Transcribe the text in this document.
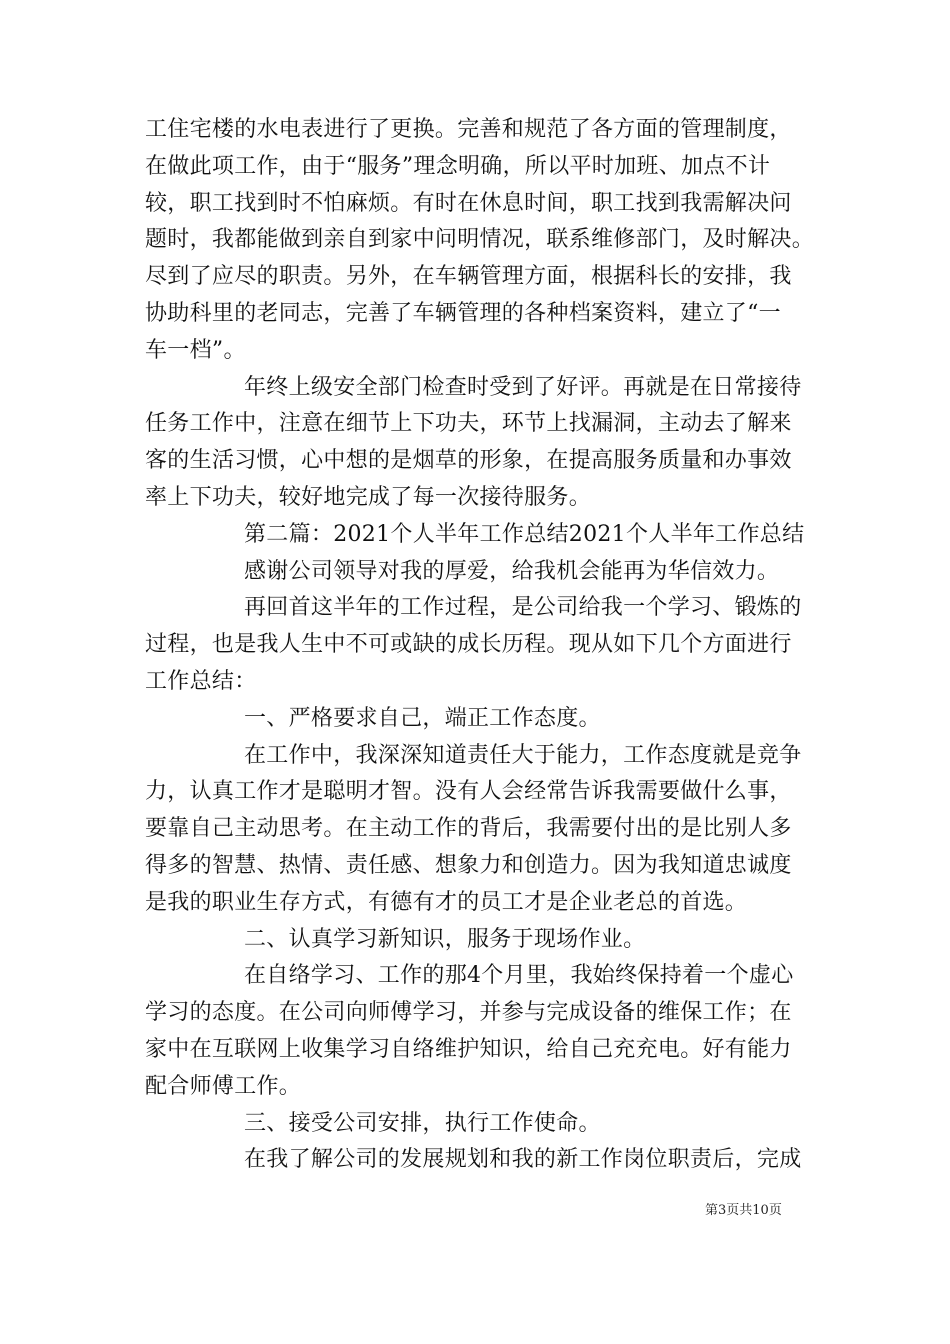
工住宅楼的水电表进行了更换。完善和规范了各方面的管理制度，
在做此项工作，由于“服务”理念明确，所以平时加班、加点不计
较，职工找到时不怕麻烦。有时在休息时间，职工找到我需解决问
题时，我都能做到亲自到家中问明情况，联系维修部门，及时解决。
尽到了应尽的职责。另外，在车辆管理方面，根据科长的安排，我
协助科里的老同志，完善了车辆管理的各种档案资料，建立了“一
车一档”。
年终上级安全部门检查时受到了好评。再就是在日常接待
任务工作中，注意在细节上下功夫，环节上找漏洞，主动去了解来
客的生活习惯，心中想的是烟草的形象，在提高服务质量和办事效
率上下功夫，较好地完成了每一次接待服务。
第二篇：2021个人半年工作总结2021个人半年工作总结
感谢公司领导对我的厚爱，给我机会能再为华信效力。
再回首这半年的工作过程，是公司给我一个学习、锻炼的
过程，也是我人生中不可或缺的成长历程。现从如下几个方面进行
工作总结：
一、严格要求自己，端正工作态度。
在工作中，我深深知道责任大于能力，工作态度就是竞争
力，认真工作才是聪明才智。没有人会经常告诉我需要做什么事，
要靠自己主动思考。在主动工作的背后，我需要付出的是比别人多
得多的智慧、热情、责任感、想象力和创造力。因为我知道忠诚度
是我的职业生存方式，有德有才的员工才是企业老总的首选。
二、认真学习新知识，服务于现场作业。
在自络学习、工作的那4个月里，我始终保持着一个虚心
学习的态度。在公司向师傅学习，并参与完成设备的维保工作；在
家中在互联网上收集学习自络维护知识，给自己充充电。好有能力
配合师傅工作。
三、接受公司安排，执行工作使命。
在我了解公司的发展规划和我的新工作岗位职责后，完成
第3页共10页
